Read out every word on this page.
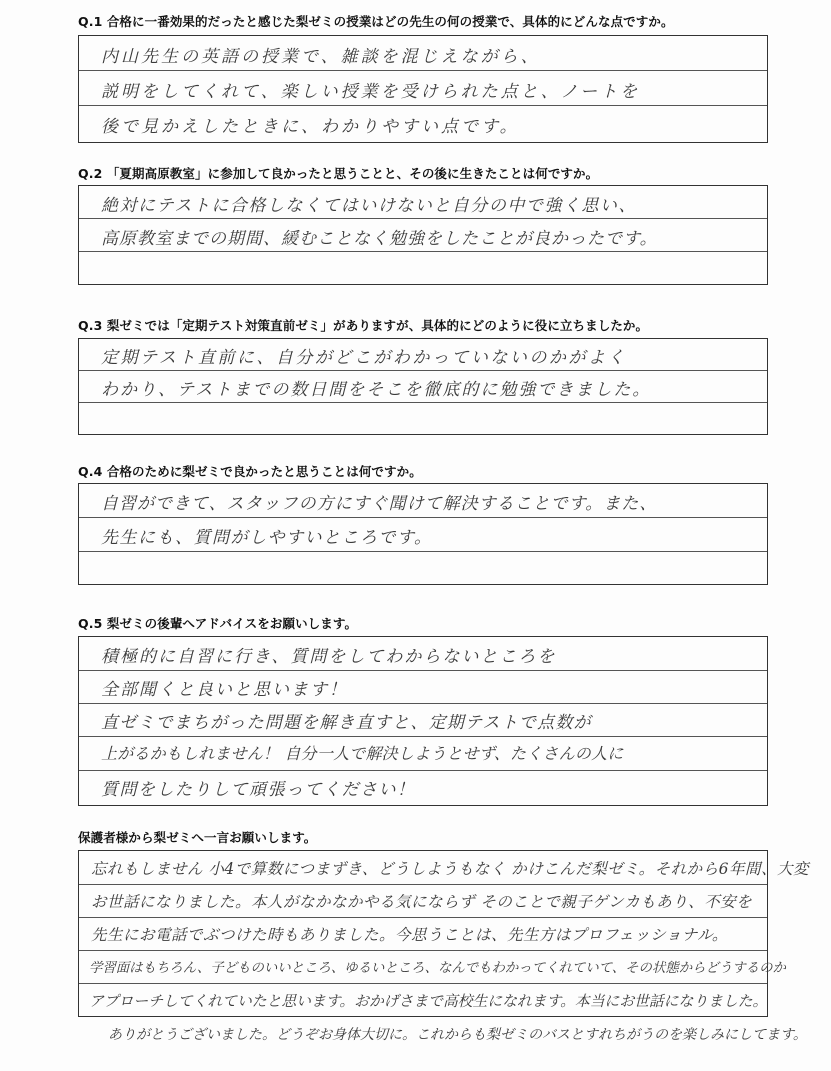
Q.1 合格に一番効果的だったと感じた梨ゼミの授業はどの先生の何の授業で、具体的にどんな点ですか。
内山先生の英語の授業で、雑談を混じえながら、
説明をしてくれて、楽しい授業を受けられた点と、ノートを
後で見かえしたときに、わかりやすい点です。
Q.2 「夏期高原教室」に参加して良かったと思うことと、その後に生きたことは何ですか。
絶対にテストに合格しなくてはいけないと自分の中で強く思い、
高原教室までの期間、緩むことなく勉強をしたことが良かったです。
Q.3 梨ゼミでは「定期テスト対策直前ゼミ」がありますが、具体的にどのように役に立ちましたか。
定期テスト直前に、自分がどこがわかっていないのかがよく
わかり、テストまでの数日間をそこを徹底的に勉強できました。
Q.4 合格のために梨ゼミで良かったと思うことは何ですか。
自習ができて、スタッフの方にすぐ聞けて解決することです。また、
先生にも、質問がしやすいところです。
Q.5 梨ゼミの後輩へアドバイスをお願いします。
積極的に自習に行き、質問をしてわからないところを
全部聞くと良いと思います！
直ゼミでまちがった問題を解き直すと、定期テストで点数が
上がるかもしれません！ 自分一人で解決しようとせず、たくさんの人に
質問をしたりして頑張ってください！
保護者様から梨ゼミへ一言お願いします。
忘れもしません 小4で算数につまずき、どうしようもなく かけこんだ梨ゼミ。それから6年間、大変
お世話になりました。本人がなかなかやる気にならず そのことで親子ゲンカもあり、不安を
先生にお電話でぶつけた時もありました。今思うことは、先生方はプロフェッショナル。
学習面はもちろん、子どものいいところ、ゆるいところ、なんでもわかってくれていて、その状態からどうするのか
アプローチしてくれていたと思います。おかげさまで高校生になれます。本当にお世話になりました。
ありがとうございました。どうぞお身体大切に。これからも梨ゼミのバスとすれちがうのを楽しみにしてます。
